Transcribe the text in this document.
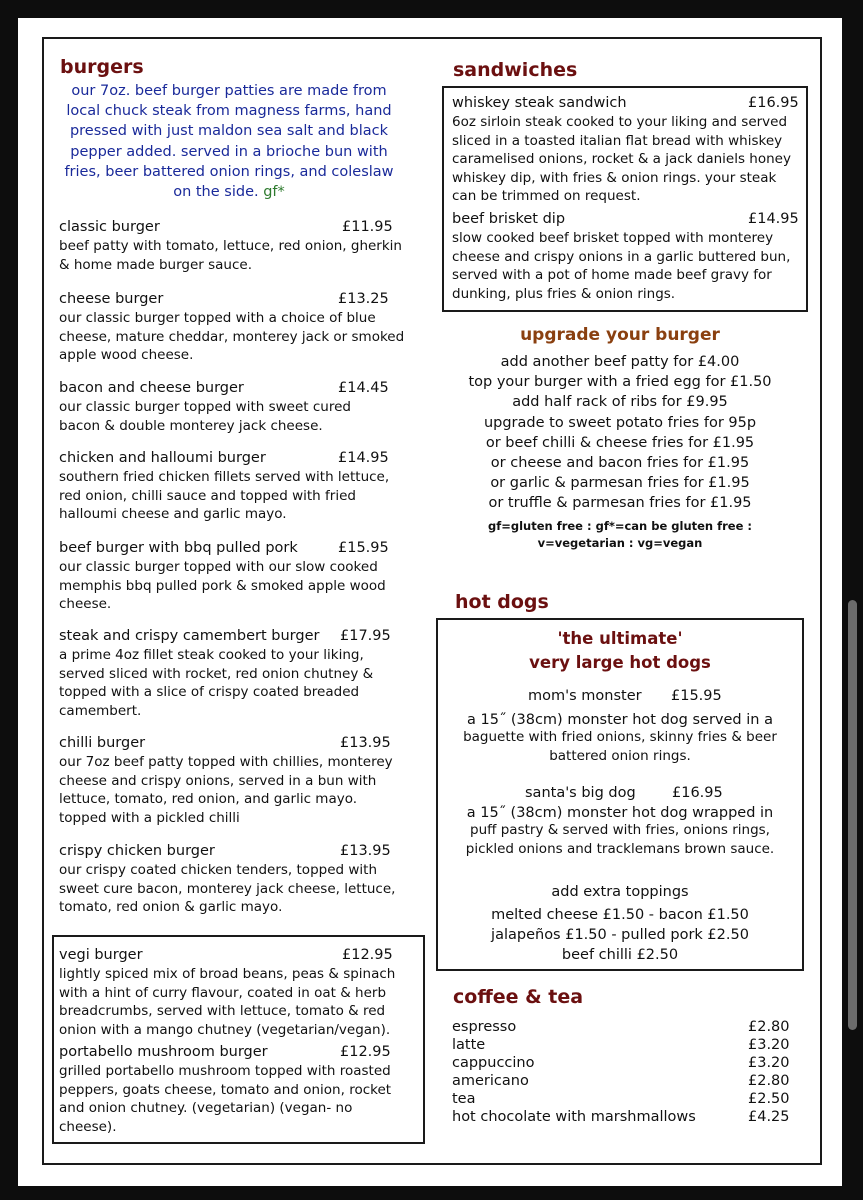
burgers
our 7oz. beef burger patties are made from local chuck steak from magness farms, hand pressed with just maldon sea salt and black pepper added. served in a brioche bun with fries, beer battered onion rings, and coleslaw on the side. gf*
classic burger	£11.95
beef patty with tomato, lettuce, red onion, gherkin & home made burger sauce.
cheese burger	£13.25
our classic burger topped with a choice of blue cheese, mature cheddar, monterey jack or smoked apple wood cheese.
bacon and cheese burger	£14.45
our classic burger topped with sweet cured bacon & double monterey jack cheese.
chicken and halloumi burger	£14.95
southern fried chicken fillets served with lettuce, red onion, chilli sauce and topped with fried halloumi cheese and garlic mayo.
beef burger with bbq pulled pork	£15.95
our classic burger topped with our slow cooked memphis bbq pulled pork & smoked apple wood cheese.
steak and crispy camembert burger £17.95
a prime 4oz fillet steak cooked to your liking, served sliced with rocket, red onion chutney & topped with a slice of crispy coated breaded camembert.
chilli burger	£13.95
our 7oz beef patty topped with chillies, monterey cheese and crispy onions, served in a bun with lettuce, tomato, red onion, and garlic mayo. topped with a pickled chilli
crispy chicken burger	£13.95
our crispy coated chicken tenders, topped with sweet cure bacon, monterey jack cheese, lettuce, tomato, red onion & garlic mayo.
vegi burger	£12.95
lightly spiced mix of broad beans, peas & spinach with a hint of curry flavour, coated in oat & herb breadcrumbs, served with lettuce, tomato & red onion with a mango chutney (vegetarian/vegan).
portabello mushroom burger	£12.95
grilled portabello mushroom topped with roasted peppers, goats cheese, tomato and onion, rocket and onion chutney. (vegetarian) (vegan- no cheese).
sandwiches
whiskey steak sandwich	£16.95
6oz sirloin steak cooked to your liking and served sliced in a toasted italian flat bread with whiskey caramelised onions, rocket & a jack daniels honey whiskey dip, with fries & onion rings. your steak can be trimmed on request.
beef brisket dip	£14.95
slow cooked beef brisket topped with monterey cheese and crispy onions in a garlic buttered bun, served with a pot of home made beef gravy for dunking, plus fries & onion rings.
upgrade your burger
add another beef patty for £4.00
top your burger with a fried egg for £1.50
add half rack of ribs for £9.95
upgrade to sweet potato fries for 95p
or beef chilli & cheese fries for £1.95
or cheese and bacon fries for £1.95
or garlic & parmesan fries for £1.95
or truffle & parmesan fries for £1.95
gf=gluten free : gf*=can be gluten free :
v=vegetarian : vg=vegan
hot dogs
'the ultimate'
very large hot dogs
mom's monster £15.95
a 15˝ (38cm) monster hot dog served in a
baguette with fried onions, skinny fries & beer battered onion rings.
santa's big dog	£16.95
a 15˝ (38cm) monster hot dog wrapped in
puff pastry & served with fries, onions rings, pickled onions and tracklemans brown sauce.
add extra toppings
melted cheese £1.50 - bacon £1.50
jalapeños £1.50 - pulled pork £2.50
beef chilli £2.50
coffee & tea
espresso	£2.80
latte	£3.20
cappuccino	£3.20
americano	£2.80
tea	£2.50
hot chocolate with marshmallows	£4.25
